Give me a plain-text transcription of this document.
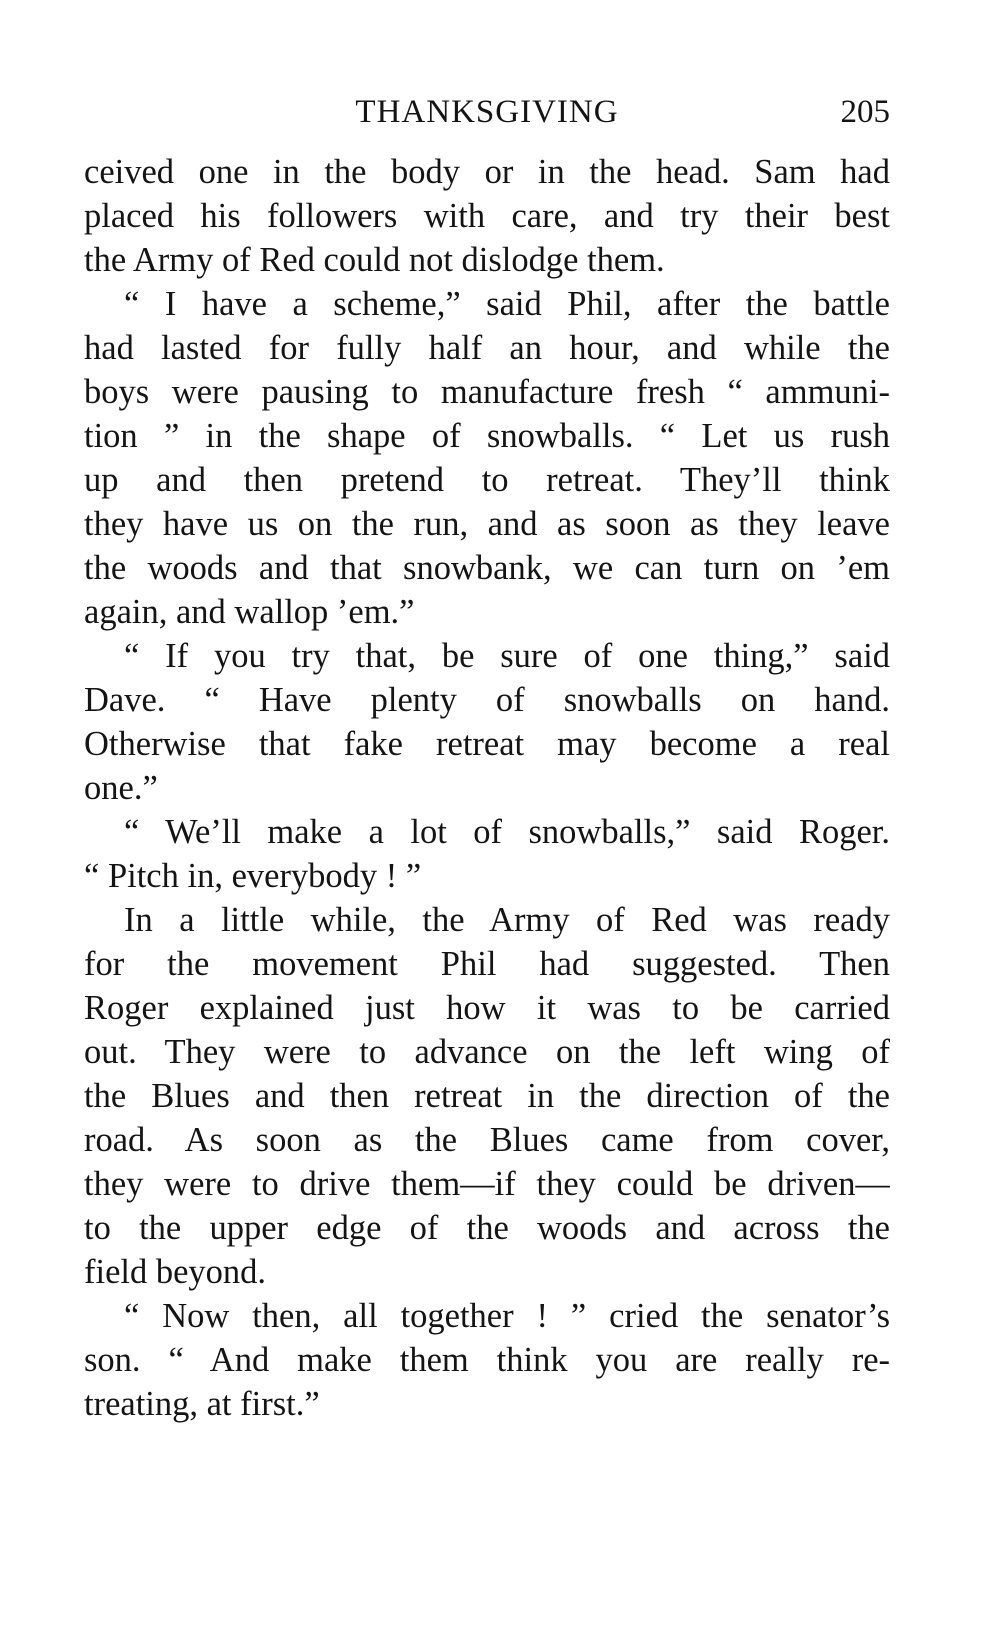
THANKSGIVING	205
ceived one in the body or in the head. Sam had
placed his followers with care, and try their best
the Army of Red could not dislodge them.
“ I have a scheme,” said Phil, after the battle
had lasted for fully half an hour, and while the
boys were pausing to manufacture fresh “ ammuni-
tion ” in the shape of snowballs. “ Let us rush
up and then pretend to retreat. They’ll think
they have us on the run, and as soon as they leave
the woods and that snowbank, we can turn on ’em
again, and wallop ’em.”
“ If you try that, be sure of one thing,” said
Dave. “ Have plenty of snowballs on hand.
Otherwise that fake retreat may become a real
one.”
“ We’ll make a lot of snowballs,” said Roger.
“ Pitch in, everybody ! ”
In a little while, the Army of Red was ready
for the movement Phil had suggested. Then
Roger explained just how it was to be carried
out. They were to advance on the left wing of
the Blues and then retreat in the direction of the
road. As soon as the Blues came from cover,
they were to drive them—if they could be driven—
to the upper edge of the woods and across the
field beyond.
“ Now then, all together ! ” cried the senator’s
son. “ And make them think you are really re-
treating, at first.”
